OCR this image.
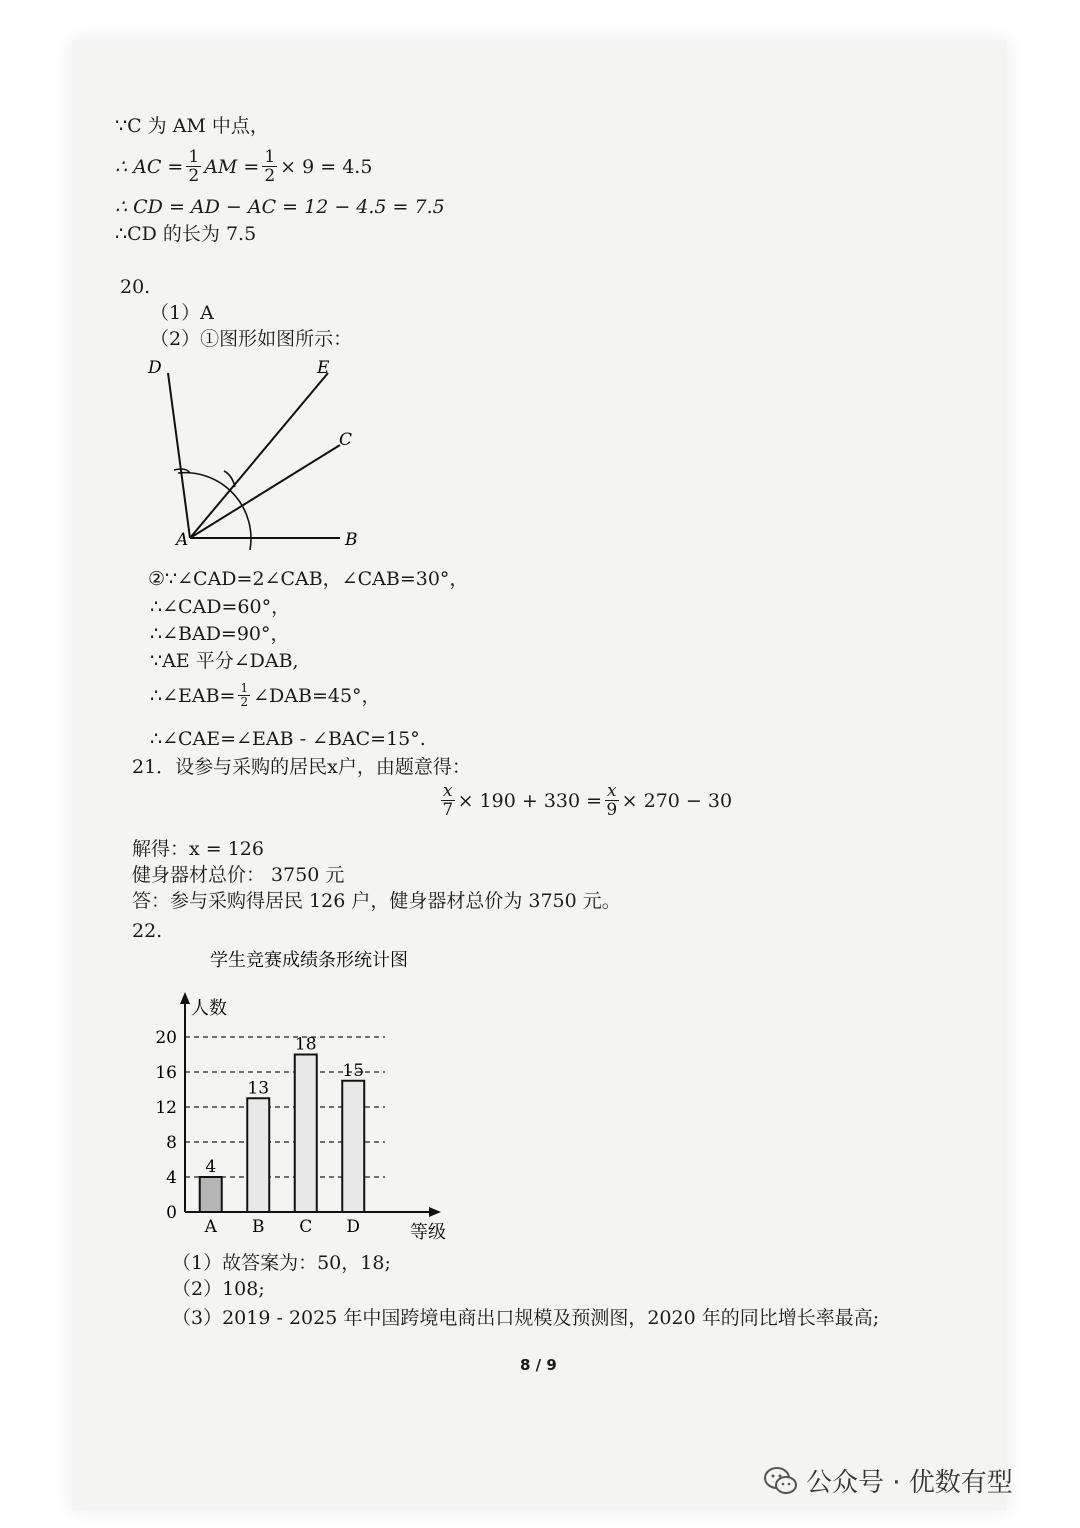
∵C 为 AM 中点，
∴ AC = $\frac{1}{2}$ AM = $\frac{1}{2} \times 9 = 4.5$
∴ CD = AD − AC = 12 − 4.5 = 7.5
∴CD 的长为 7.5
20.
（1）A
（2）①图形如图所示：
D	E
C
A	B
②∵∠CAD=2∠CAB，∠CAB=30°，
∴∠CAD=60°，
∴∠BAD=90°，
∵AE 平分∠DAB,
∴∠EAB= $\frac{1}{2}$ ∠DAB=45°，
∴∠CAE=∠EAB - ∠BAC=15°.
21．设参与采购的居民x户，由题意得：
$\frac{x}{7} \times 190 + 330 = \frac{x}{9} \times 270 - 30$
解得：x = 126
健身器材总价： 3750 元
答：参与采购得居民 126 户，健身器材总价为 3750 元。
22.
学生竞赛成绩条形统计图
人数
等级
4
13
18
15
0
4
8
12
16
20
A B C D
（1）故答案为：50，18;
（2）108;
（3）2019 - 2025 年中国跨境电商出口规模及预测图，2020 年的同比增长率最高;
8 / 9
公众号 · 优数有型
